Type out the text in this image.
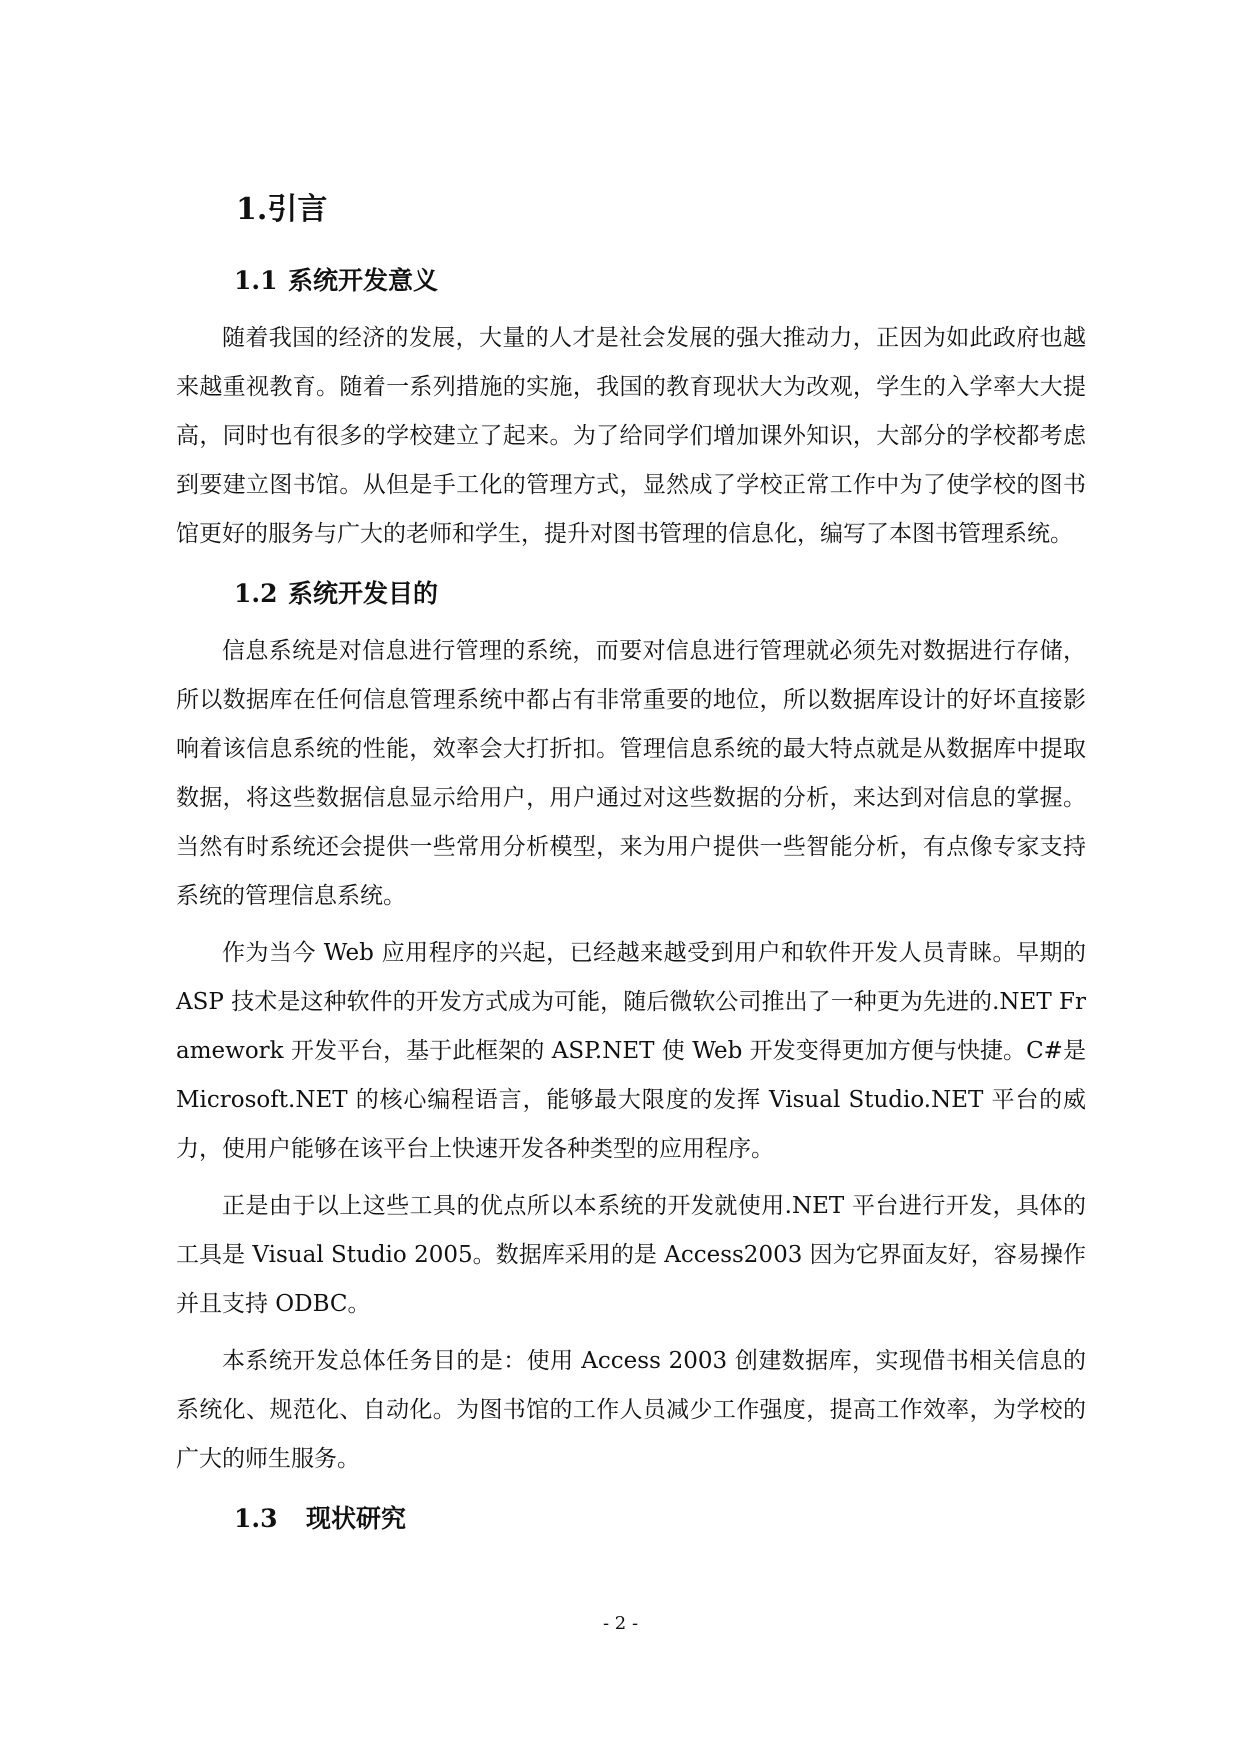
1.引言
1.1 系统开发意义

随着我国的经济的发展，大量的人才是社会发展的强大推动力，正因为如此政府也越来越重视教育。随着一系列措施的实施，我国的教育现状大为改观，学生的入学率大大提高，同时也有很多的学校建立了起来。为了给同学们增加课外知识，大部分的学校都考虑到要建立图书馆。从但是手工化的管理方式，显然成了学校正常工作中为了使学校的图书馆更好的服务与广大的老师和学生，提升对图书管理的信息化，编写了本图书管理系统。

1.2 系统开发目的

信息系统是对信息进行管理的系统，而要对信息进行管理就必须先对数据进行存储，所以数据库在任何信息管理系统中都占有非常重要的地位，所以数据库设计的好坏直接影响着该信息系统的性能，效率会大打折扣。管理信息系统的最大特点就是从数据库中提取数据，将这些数据信息显示给用户，用户通过对这些数据的分析，来达到对信息的掌握。当然有时系统还会提供一些常用分析模型，来为用户提供一些智能分析，有点像专家支持系统的管理信息系统。

作为当今 Web 应用程序的兴起，已经越来越受到用户和软件开发人员青睐。早期的 ASP 技术是这种软件的开发方式成为可能，随后微软公司推出了一种更为先进的.NET Framework 开发平台，基于此框架的 ASP.NET 使 Web 开发变得更加方便与快捷。C#是 Microsoft.NET 的核心编程语言，能够最大限度的发挥 Visual Studio.NET 平台的威力，使用户能够在该平台上快速开发各种类型的应用程序。

正是由于以上这些工具的优点所以本系统的开发就使用.NET 平台进行开发，具体的工具是 Visual Studio 2005。数据库采用的是 Access2003 因为它界面友好，容易操作并且支持 ODBC。

本系统开发总体任务目的是：使用 Access 2003 创建数据库，实现借书相关信息的系统化、规范化、自动化。为图书馆的工作人员减少工作强度，提高工作效率，为学校的广大的师生服务。

1.3 现状研究
- 2 -
